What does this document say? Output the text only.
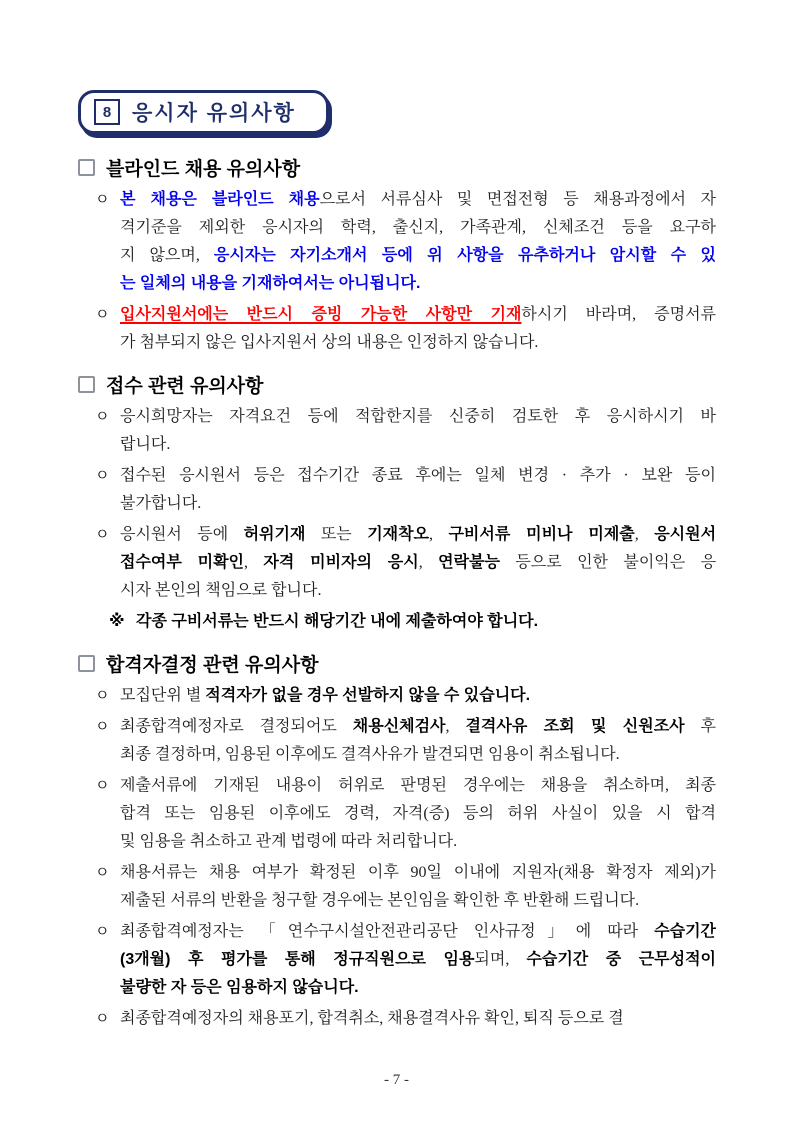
8 응시자 유의사항
블라인드 채용 유의사항
ㅇ 본 채용은 블라인드 채용으로서 서류심사 및 면접전형 등 채용과정에서 자
격기준을 제외한 응시자의 학력, 출신지, 가족관계, 신체조건 등을 요구하
지 않으며, 응시자는 자기소개서 등에 위 사항을 유추하거나 암시할 수 있
는 일체의 내용을 기재하여서는 아니됩니다.
ㅇ 입사지원서에는 반드시 증빙 가능한 사항만 기재하시기 바라며, 증명서류
가 첨부되지 않은 입사지원서 상의 내용은 인정하지 않습니다.
접수 관련 유의사항
ㅇ 응시희망자는 자격요건 등에 적합한지를 신중히 검토한 후 응시하시기 바
랍니다.
ㅇ 접수된 응시원서 등은 접수기간 종료 후에는 일체 변경 · 추가 · 보완 등이
불가합니다.
ㅇ 응시원서 등에 허위기재 또는 기재착오, 구비서류 미비나 미제출, 응시원서
접수여부 미확인, 자격 미비자의 응시, 연락불능 등으로 인한 불이익은 응
시자 본인의 책임으로 합니다.
※ 각종 구비서류는 반드시 해당기간 내에 제출하여야 합니다.
합격자결정 관련 유의사항
ㅇ 모집단위 별 적격자가 없을 경우 선발하지 않을 수 있습니다.
ㅇ 최종합격예정자로 결정되어도 채용신체검사, 결격사유 조회 및 신원조사 후
최종 결정하며, 임용된 이후에도 결격사유가 발견되면 임용이 취소됩니다.
ㅇ 제출서류에 기재된 내용이 허위로 판명된 경우에는 채용을 취소하며, 최종
합격 또는 임용된 이후에도 경력, 자격(증) 등의 허위 사실이 있을 시 합격
및 임용을 취소하고 관계 법령에 따라 처리합니다.
ㅇ 채용서류는 채용 여부가 확정된 이후 90일 이내에 지원자(채용 확정자 제외)가
제출된 서류의 반환을 청구할 경우에는 본인임을 확인한 후 반환해 드립니다.
ㅇ 최종합격예정자는 「연수구시설안전관리공단 인사규정」에 따라 수습기간
(3개월) 후 평가를 통해 정규직원으로 임용되며, 수습기간 중 근무성적이
불량한 자 등은 임용하지 않습니다.
ㅇ 최종합격예정자의 채용포기, 합격취소, 채용결격사유 확인, 퇴직 등으로 결
- 7 -
